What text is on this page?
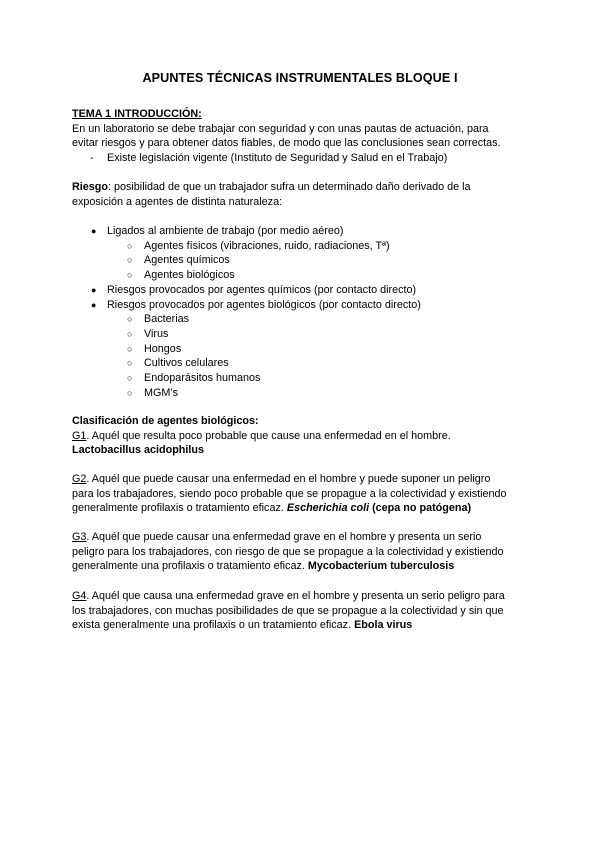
APUNTES TÉCNICAS INSTRUMENTALES BLOQUE I

TEMA 1 INTRODUCCIÓN:

En un laboratorio se debe trabajar con seguridad y con unas pautas de actuación, para

evitar riesgos y para obtener datos fiables, de modo que las conclusiones sean correctas.

- Existe legislación vigente (Instituto de Seguridad y Salud en el Trabajo)

Riesgo: posibilidad de que un trabajador sufra un determinado daño derivado de la

exposición a agentes de distinta naturaleza:

● Ligados al ambiente de trabajo (por medio aéreo)
○ Agentes físicos (vibraciones, ruido, radiaciones, Tª)
○ Agentes químicos
○ Agentes biológicos
● Riesgos provocados por agentes químicos (por contacto directo)
● Riesgos provocados por agentes biológicos (por contacto directo)
○ Bacterias
○ Virus
○ Hongos
○ Cultivos celulares
○ Endoparásitos humanos
○ MGM’s

Clasificación de agentes biológicos:

G1. Aquél que resulta poco probable que cause una enfermedad en el hombre.

Lactobacillus acidophilus

G2. Aquél que puede causar una enfermedad en el hombre y puede suponer un peligro

para los trabajadores, siendo poco probable que se propague a la colectividad y existiendo

generalmente profilaxis o tratamiento eficaz. Escherichia coli (cepa no patógena)

G3. Aquél que puede causar una enfermedad grave en el hombre y presenta un serio

peligro para los trabajadores, con riesgo de que se propague a la colectividad y existiendo

generalmente una profilaxis o tratamiento eficaz. Mycobacterium tuberculosis

G4. Aquél que causa una enfermedad grave en el hombre y presenta un serio peligro para

los trabajadores, con muchas posibilidades de que se propague a la colectividad y sin que

exista generalmente una profilaxis o un tratamiento eficaz. Ebola virus
